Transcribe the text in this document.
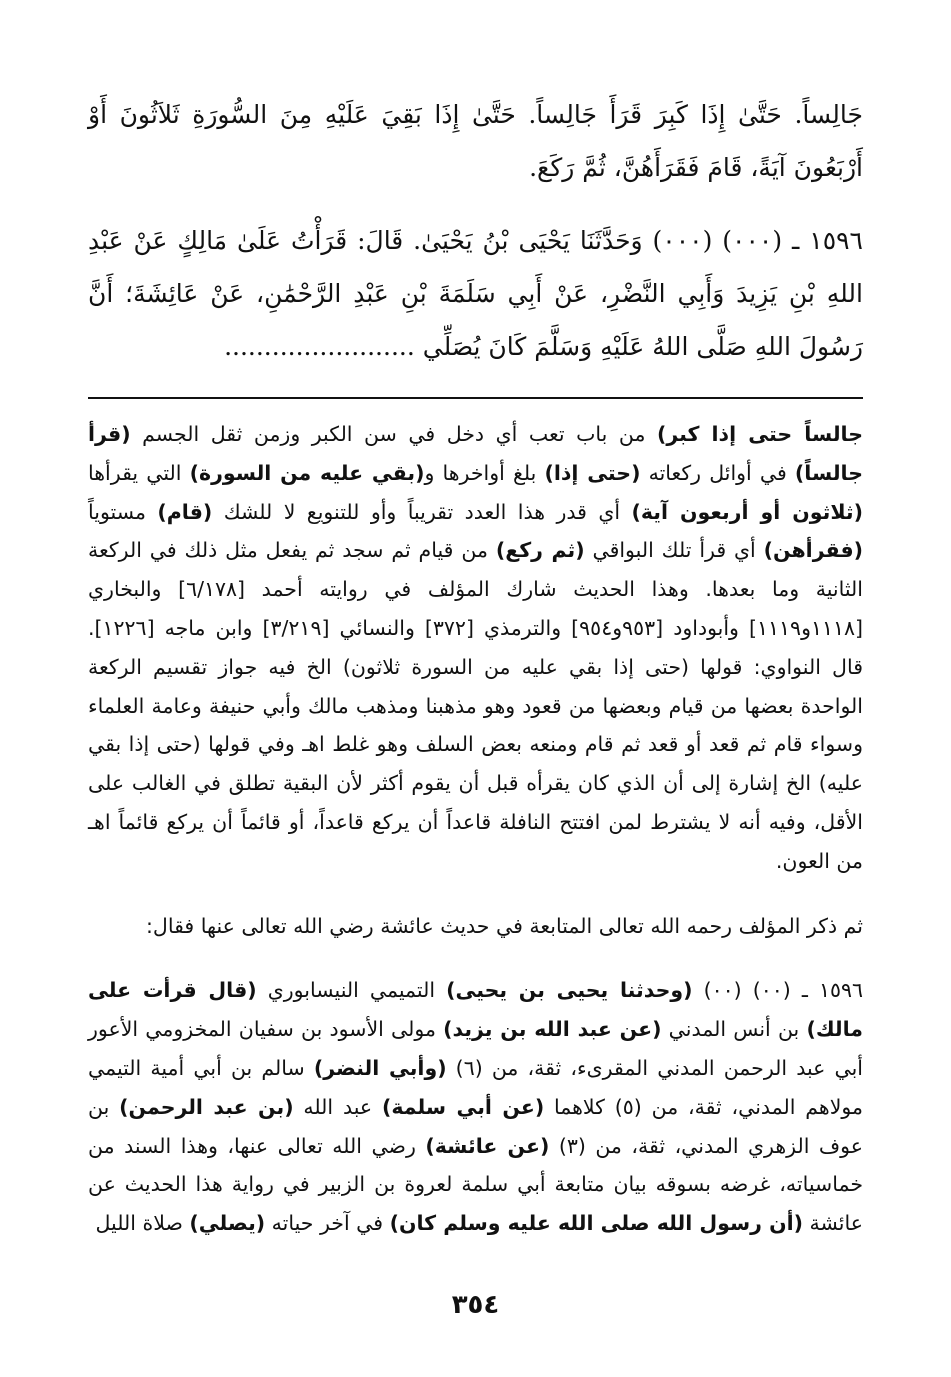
جَالِساً. حَتَّىٰ إِذَا كَبِرَ قَرَأَ جَالِساً. حَتَّىٰ إِذَا بَقِيَ عَلَيْهِ مِنَ السُّورَةِ ثَلاَثُونَ أَوْ أَرْبَعُونَ آيَةً، قَامَ فَقَرَأَهُنَّ، ثُمَّ رَكَعَ.

١٥٩٦ ـ (٠٠٠) (٠٠٠) وَحَدَّثَنَا يَحْيَى بْنُ يَحْيَىٰ. قَالَ: قَرَأْتُ عَلَىٰ مَالِكٍ عَنْ عَبْدِ اللهِ بْنِ يَزِيدَ وَأَبِي النَّضْرِ، عَنْ أَبِي سَلَمَةَ بْنِ عَبْدِ الرَّحْمَٰنِ، عَنْ عَائِشَةَ؛ أَنَّ رَسُولَ اللهِ صَلَّى اللهُ عَلَيْهِ وَسَلَّمَ كَانَ يُصَلِّي ........................

جالساً حتى إذا كبر) من باب تعب أي دخل في سن الكبر وزمن ثقل الجسم (قرأ جالساً) في أوائل ركعاته (حتى إذا) بلغ أواخرها و(بقي عليه من السورة) التي يقرأها (ثلاثون أو أربعون آية) أي قدر هذا العدد تقريباً وأو للتنويع لا للشك (قام) مستوياً (فقرأهن) أي قرأ تلك البواقي (ثم ركع) من قيام ثم سجد ثم يفعل مثل ذلك في الركعة الثانية وما بعدها. وهذا الحديث شارك المؤلف في روايته أحمد [٦/١٧٨] والبخاري [١١١٨و١١١٩] وأبوداود [٩٥٣و٩٥٤] والترمذي [٣٧٢] والنسائي [٣/٢١٩] وابن ماجه [١٢٢٦]. قال النواوي: قولها (حتى إذا بقي عليه من السورة ثلاثون) الخ فيه جواز تقسيم الركعة الواحدة بعضها من قيام وبعضها من قعود وهو مذهبنا ومذهب مالك وأبي حنيفة وعامة العلماء وسواء قام ثم قعد أو قعد ثم قام ومنعه بعض السلف وهو غلط اهـ وفي قولها (حتى إذا بقي عليه) الخ إشارة إلى أن الذي كان يقرأه قبل أن يقوم أكثر لأن البقية تطلق في الغالب على الأقل، وفيه أنه لا يشترط لمن افتتح النافلة قاعداً أن يركع قاعداً، أو قائماً أن يركع قائماً اهـ من العون.

ثم ذكر المؤلف رحمه الله تعالى المتابعة في حديث عائشة رضي الله تعالى عنها فقال:

١٥٩٦ ـ (٠٠) (٠٠) (وحدثنا يحيى بن يحيى) التميمي النيسابوري (قال قرأت على مالك) بن أنس المدني (عن عبد الله بن يزيد) مولى الأسود بن سفيان المخزومي الأعور أبي عبد الرحمن المدني المقرىء، ثقة، من (٦) (وأبي النضر) سالم بن أبي أمية التيمي مولاهم المدني، ثقة، من (٥) كلاهما (عن أبي سلمة) عبد الله (بن عبد الرحمن) بن عوف الزهري المدني، ثقة، من (٣) (عن عائشة) رضي الله تعالى عنها، وهذا السند من خماسياته، غرضه بسوقه بيان متابعة أبي سلمة لعروة بن الزبير في رواية هذا الحديث عن عائشة (أن رسول الله صلى الله عليه وسلم كان) في آخر حياته (يصلي) صلاة الليل

٣٥٤
